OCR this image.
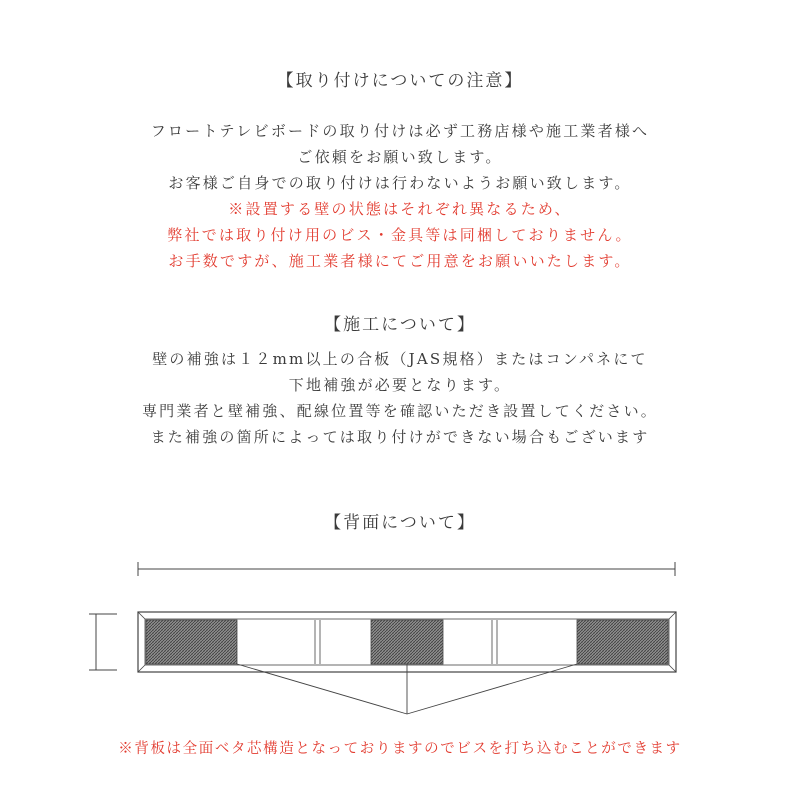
【取り付けについての注意】
フロートテレビボードの取り付けは必ず工務店様や施工業者様へ
ご依頼をお願い致します。
お客様ご自身での取り付けは行わないようお願い致します。
※設置する壁の状態はそれぞれ異なるため、
弊社では取り付け用のビス・金具等は同梱しておりません。
お手数ですが、施工業者様にてご用意をお願いいたします。
【施工について】
壁の補強は１２mm以上の合板（JAS規格）またはコンパネにて
下地補強が必要となります。
専門業者と壁補強、配線位置等を確認いただき設置してください。
また補強の箇所によっては取り付けができない場合もございます
【背面について】
※背板は全面ベタ芯構造となっておりますのでビスを打ち込むことができます
